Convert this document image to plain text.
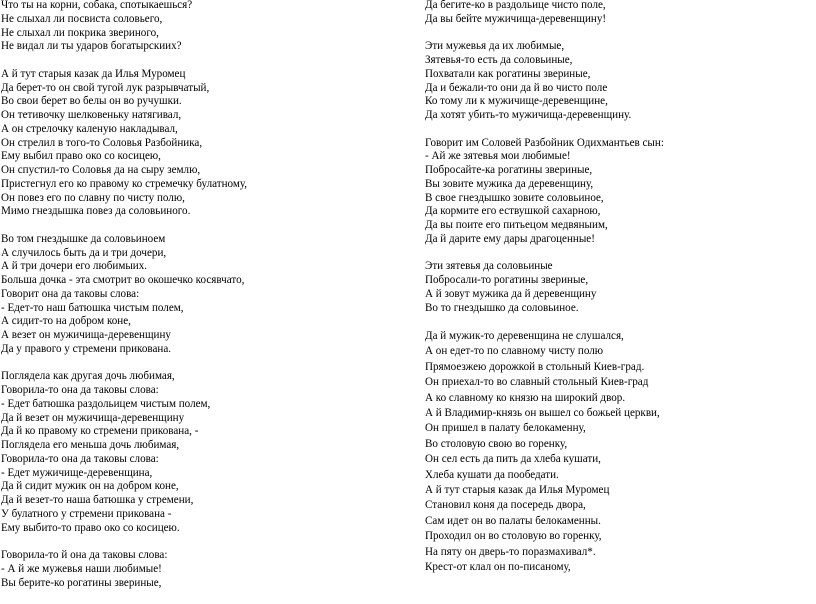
Что ты на корни, собака, спотыкаешься?
Не слыхал ли посвиста соловьего,
Не слыхал ли покрика звериного,
Не видал ли ты ударов богатырскиих?
А й тут старыя казак да Илья Муромец
Да берет-то он свой тугой лук разрывчатый,
Во свои берет во белы он во ручушки.
Он тетивочку шелковеньку натягивал,
А он стрелочку каленую накладывал,
Он стрелил в того-то Соловья Разбойника,
Ему выбил право око со косицею,
Он спустил-то Соловья да на сыру землю,
Пристегнул его ко правому ко стремечку булатному,
Он повез его по славну по чисту полю,
Мимо гнездышка повез да соловьиного.
Во том гнездышке да соловьиноем
А случилось быть да и три дочери,
А й три дочери его любимыих.
Больша дочка - эта смотрит во окошечко косявчато,
Говорит она да таковы слова:
- Едет-то наш батюшка чистым полем,
А сидит-то на добром коне,
А везет он мужичища-деревенщину
Да у правого у стремени прикована.
Поглядела как другая дочь любимая,
Говорила-то она да таковы слова:
- Едет батюшка раздольицем чистым полем,
Да й везет он мужичища-деревенщину
Да й ко правому ко стремени прикована, -
Поглядела его меньша дочь любимая,
Говорила-то она да таковы слова:
- Едет мужичище-деревенщина,
Да й сидит мужик он на добром коне,
Да й везет-то наша батюшка у стремени,
У булатного у стремени прикована -
Ему выбито-то право око со косицею.
Говорила-то й она да таковы слова:
- А й же мужевья наши любимые!
Вы берите-ко рогатины звериные,
Да бегите-ко в раздольице чисто поле,
Да вы бейте мужичища-деревенщину!
Эти мужевья да их любимые,
Зятевья-то есть да соловьиные,
Похватали как рогатины звериные,
Да и бежали-то они да й во чисто поле
Ко тому ли к мужичище-деревенщине,
Да хотят убить-то мужичища-деревенщину.
Говорит им Соловей Разбойник Одихмантьев сын:
- Ай же зятевья мои любимые!
Побросайте-ка рогатины звериные,
Вы зовите мужика да деревенщину,
В свое гнездышко зовите соловьиное,
Да кормите его ествушкой сахарною,
Да вы поите его питьецом медвяныим,
Да й дарите ему дары драгоценные!
Эти зятевья да соловьиные
Побросали-то рогатины звериные,
А й зовут мужика да й деревенщину
Во то гнездышко да соловьиное.
Да й мужик-то деревенщина не слушался,
А он едет-то по славному чисту полю
Прямоезжею дорожкой в стольный Киев-град.
Он приехал-то во славный стольный Киев-град
А ко славному ко князю на широкий двор.
А й Владимир-князь он вышел со божьей церкви,
Он пришел в палату белокаменну,
Во столовую свою во горенку,
Он сел есть да пить да хлеба кушати,
Хлеба кушати да пообедати.
А й тут старыя казак да Илья Муромец
Становил коня да посередь двора,
Сам идет он во палаты белокаменны.
Проходил он во столовую во горенку,
На пяту он дверь-то поразмахивал*.
Крест-от клал он по-писаному,
